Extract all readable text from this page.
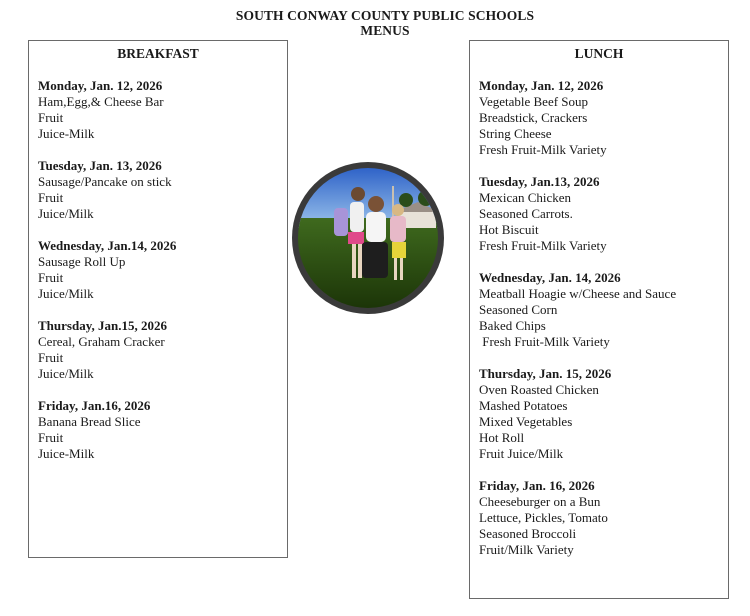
SOUTH CONWAY COUNTY PUBLIC SCHOOLS
MENUS
BREAKFAST
Monday, Jan. 12, 2026
Ham,Egg,& Cheese Bar
Fruit
Juice-Milk
Tuesday, Jan. 13, 2026
Sausage/Pancake on stick
Fruit
Juice/Milk
Wednesday, Jan.14, 2026
Sausage Roll Up
Fruit
Juice/Milk
Thursday, Jan.15, 2026
Cereal, Graham Cracker
Fruit
Juice/Milk
Friday, Jan.16, 2026
Banana Bread Slice
Fruit
Juice-Milk
LUNCH
Monday, Jan. 12, 2026
Vegetable Beef Soup
Breadstick, Crackers
String Cheese
Fresh Fruit-Milk Variety
Tuesday, Jan.13, 2026
Mexican Chicken
Seasoned Carrots.
Hot Biscuit
Fresh Fruit-Milk Variety
Wednesday, Jan. 14, 2026
Meatball Hoagie w/Cheese and Sauce
Seasoned Corn
Baked Chips
Fresh Fruit-Milk Variety
Thursday, Jan. 15, 2026
Oven Roasted Chicken
Mashed Potatoes
Mixed Vegetables
Hot Roll
Fruit Juice/Milk
Friday, Jan. 16, 2026
Cheeseburger on a Bun
Lettuce, Pickles, Tomato
Seasoned Broccoli
Fruit/Milk Variety
